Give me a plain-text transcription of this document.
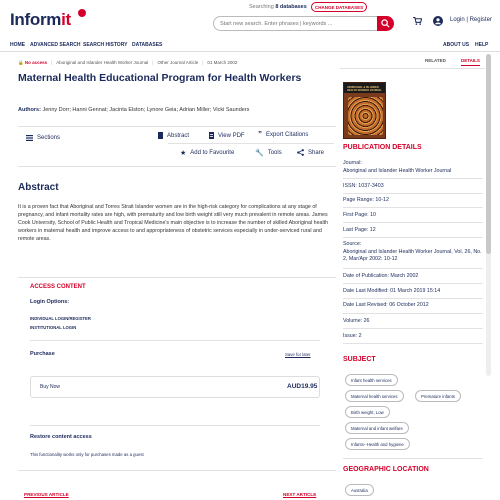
Informit
Searching 8 databases	CHANGE DATABASES
Start new search. Enter phrases | keywords ...
Login | Register
HOME ADVANCED SEARCH SEARCH HISTORY DATABASES	ABOUT US HELP
🔒 No access | Aboriginal and Islander Health Worker Journal | Other Journal Article | 01 March 2002
Maternal Health Educational Program for Health Workers
Authors: Jenny Dorr; Hanni Gennat; Jacinta Elston; Lynore Geia; Adrian Miller; Vicki Saunders
Sections	Abstract	View PDF ” Export Citations
★ Add to Favourite	🔧 Tools	Share
Abstract
It is a proven fact that Aboriginal and Torres Strait Islander women are in the high-risk category for complications at any stage of pregnancy, and infant mortality rates are high, with prematurity and low birth weight still very much prevalent in remote areas. James Cook University, School of Public Health and Tropical Medicine's main objective is to increase the number of skilled Aboriginal health workers in maternal health and improve access to and appropriateness of obstetric services especially in under-serviced rural and remote areas.
ACCESS CONTENT
Login Options:
INDIVIDUAL LOGIN/REGISTER
INSTITUTIONAL LOGIN
Purchase	Save for later
Buy Now	AUD19.95
Restore content access
This functionality works only for purchases made as a guest
PREVIOUS ARTICLE	NEXT ARTICLE
RELATED	DETAILS
ABORIGINAL & ISLANDER HEALTH WORKER JOURNAL
PUBLICATION DETAILS
Journal:
Aboriginal and Islander Health Worker Journal
ISSN: 1037-3403
Page Range: 10-12
First Page: 10
Last Page: 12
Source:
Aboriginal and Islander Health Worker Journal, Vol. 26, No. 2, Mar/Apr 2002: 10-12
Date of Publication: March 2002
Date Last Modified: 01 March 2019 15:14
Date Last Revised: 06 October 2012
Volume: 26
Issue: 2
SUBJECT
Infant health services
Maternal health services	Premature infants
Birth weight, Low
Maternal and infant welfare
Infants--Health and hygiene
GEOGRAPHIC LOCATION
Australia
